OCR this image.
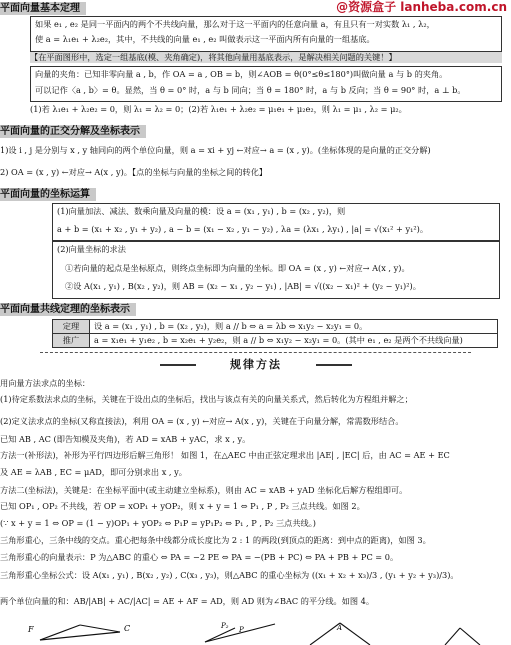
@资源盒子 lanheba.com.cn
平面向量基本定理
如果 e₁ , e₂ 是同一平面内的两个不共线向量，那么对于这一平面内的任意向量 a，有且只有一对实数 λ₁ , λ₂，
使 a = λ₁e₁ + λ₂e₂，其中，不共线的向量 e₁ , e₂ 叫做表示这一平面内所有向量的一组基底。
【在平面图形中，选定一组基底(模、夹角确定)，将其他向量用基底表示，是解决相关问题的关键！】
向量的夹角：已知非零向量 a , b，作 OA = a , OB = b，则∠AOB = θ(0°≤θ≤180°)叫做向量 a 与 b 的夹角。
可以记作〈a , b〉= θ。显然，当 θ = 0° 时，a 与 b 同向；当 θ = 180° 时，a 与 b 反向；当 θ = 90° 时，a ⊥ b。
(1)若 λ₁e₁ + λ₂e₂ = 0，则 λ₁ = λ₂ = 0；(2)若 λ₁e₁ + λ₂e₂ = μ₁e₁ + μ₂e₂，则 λ₁ = μ₁ , λ₂ = μ₂。
平面向量的正交分解及坐标表示
1)设 i , j 是分别与 x , y 轴同向的两个单位向量，则 a = xi + yj ←对应→ a = (x , y)。(坐标体现的是向量的正交分解)
2) OA = (x , y) ←对应→ A(x , y)。【点的坐标与向量的坐标之间的转化】
平面向量的坐标运算
(1)向量加法、减法、数乘向量及向量的模：设 a = (x₁ , y₁) , b = (x₂ , y₂)，则
a + b = (x₁ + x₂ , y₁ + y₂) , a − b = (x₁ − x₂ , y₁ − y₂) , λa = (λx₁ , λy₁) , |a| = √(x₁² + y₁²)。
(2)向量坐标的求法
①若向量的起点是坐标原点，则终点坐标即为向量的坐标。即 OA = (x , y) ←对应→ A(x , y)。
②设 A(x₁ , y₁) , B(x₂ , y₂)，则 AB = (x₂ − x₁ , y₂ − y₁) , |AB| = √((x₂ − x₁)² + (y₂ − y₁)²)。
平面向量共线定理的坐标表示
定理	设 a = (x₁ , y₁) , b = (x₂ , y₂)，则 a // b ⇔ a = λb ⇔ x₁y₂ − x₂y₁ = 0。
推广	a = x₁e₁ + y₁e₂ , b = x₂e₁ + y₂e₂，则 a // b ⇔ x₁y₂ − x₂y₁ = 0。(其中 e₁ , e₂ 是两个不共线向量)
规律方法
用向量方法求点的坐标：
(1)待定系数法求点的坐标，关键在于设出点的坐标后，找出与该点有关的向量关系式，然后转化为方程组并解之；
(2)定义法求点的坐标(又称直接法)，利用 OA = (x , y) ←对应→ A(x , y)，关键在于向量分解，常需数形结合。
已知 AB , AC (即告知模及夹角)，若 AD = xAB + yAC，求 x , y。
方法一(补形法)，补形为平行四边形后解三角形！ 如图 1，在△AEC 中由正弦定理求出 |AE| , |EC| 后，由 AC = AE + EC
及 AE = λAB , EC = μAD，即可分别求出 x , y。
方法二(坐标法)，关键是：在坐标平面中(或主动建立坐标系)，则由 AC = xAB + yAD 坐标化后解方程组即可。
已知 OP₁ , OP₂ 不共线，若 OP = xOP₁ + yOP₂，则 x + y = 1 ⇔ P₁ , P , P₂ 三点共线。如图 2。
(∵ x + y = 1 ⇔ OP = (1 − y)OP₁ + yOP₂ ⇔ P₁P = yP₁P₂ ⇔ P₁ , P , P₂ 三点共线。)
三角形重心，三条中线的交点。重心把每条中线都分成长度比为 2 : 1 的两段(到顶点的距离：到中点的距离)，如图 3。
三角形重心的向量表示：P 为△ABC 的重心 ⇔ PA = −2 PE ⇔ PA = −(PB + PC) ⇔ PA + PB + PC = 0。
三角形重心坐标公式：设 A(x₁ , y₁) , B(x₂ , y₂) , C(x₃ , y₃)，则△ABC 的重心坐标为 ((x₁ + x₂ + x₃)/3 , (y₁ + y₂ + y₃)/3)。
两个单位向量的和：AB/|AB| + AC/|AC| = AE + AF = AD，则 AD 则为∠BAC 的平分线。如图 4。
F	C	P₂ P	A
